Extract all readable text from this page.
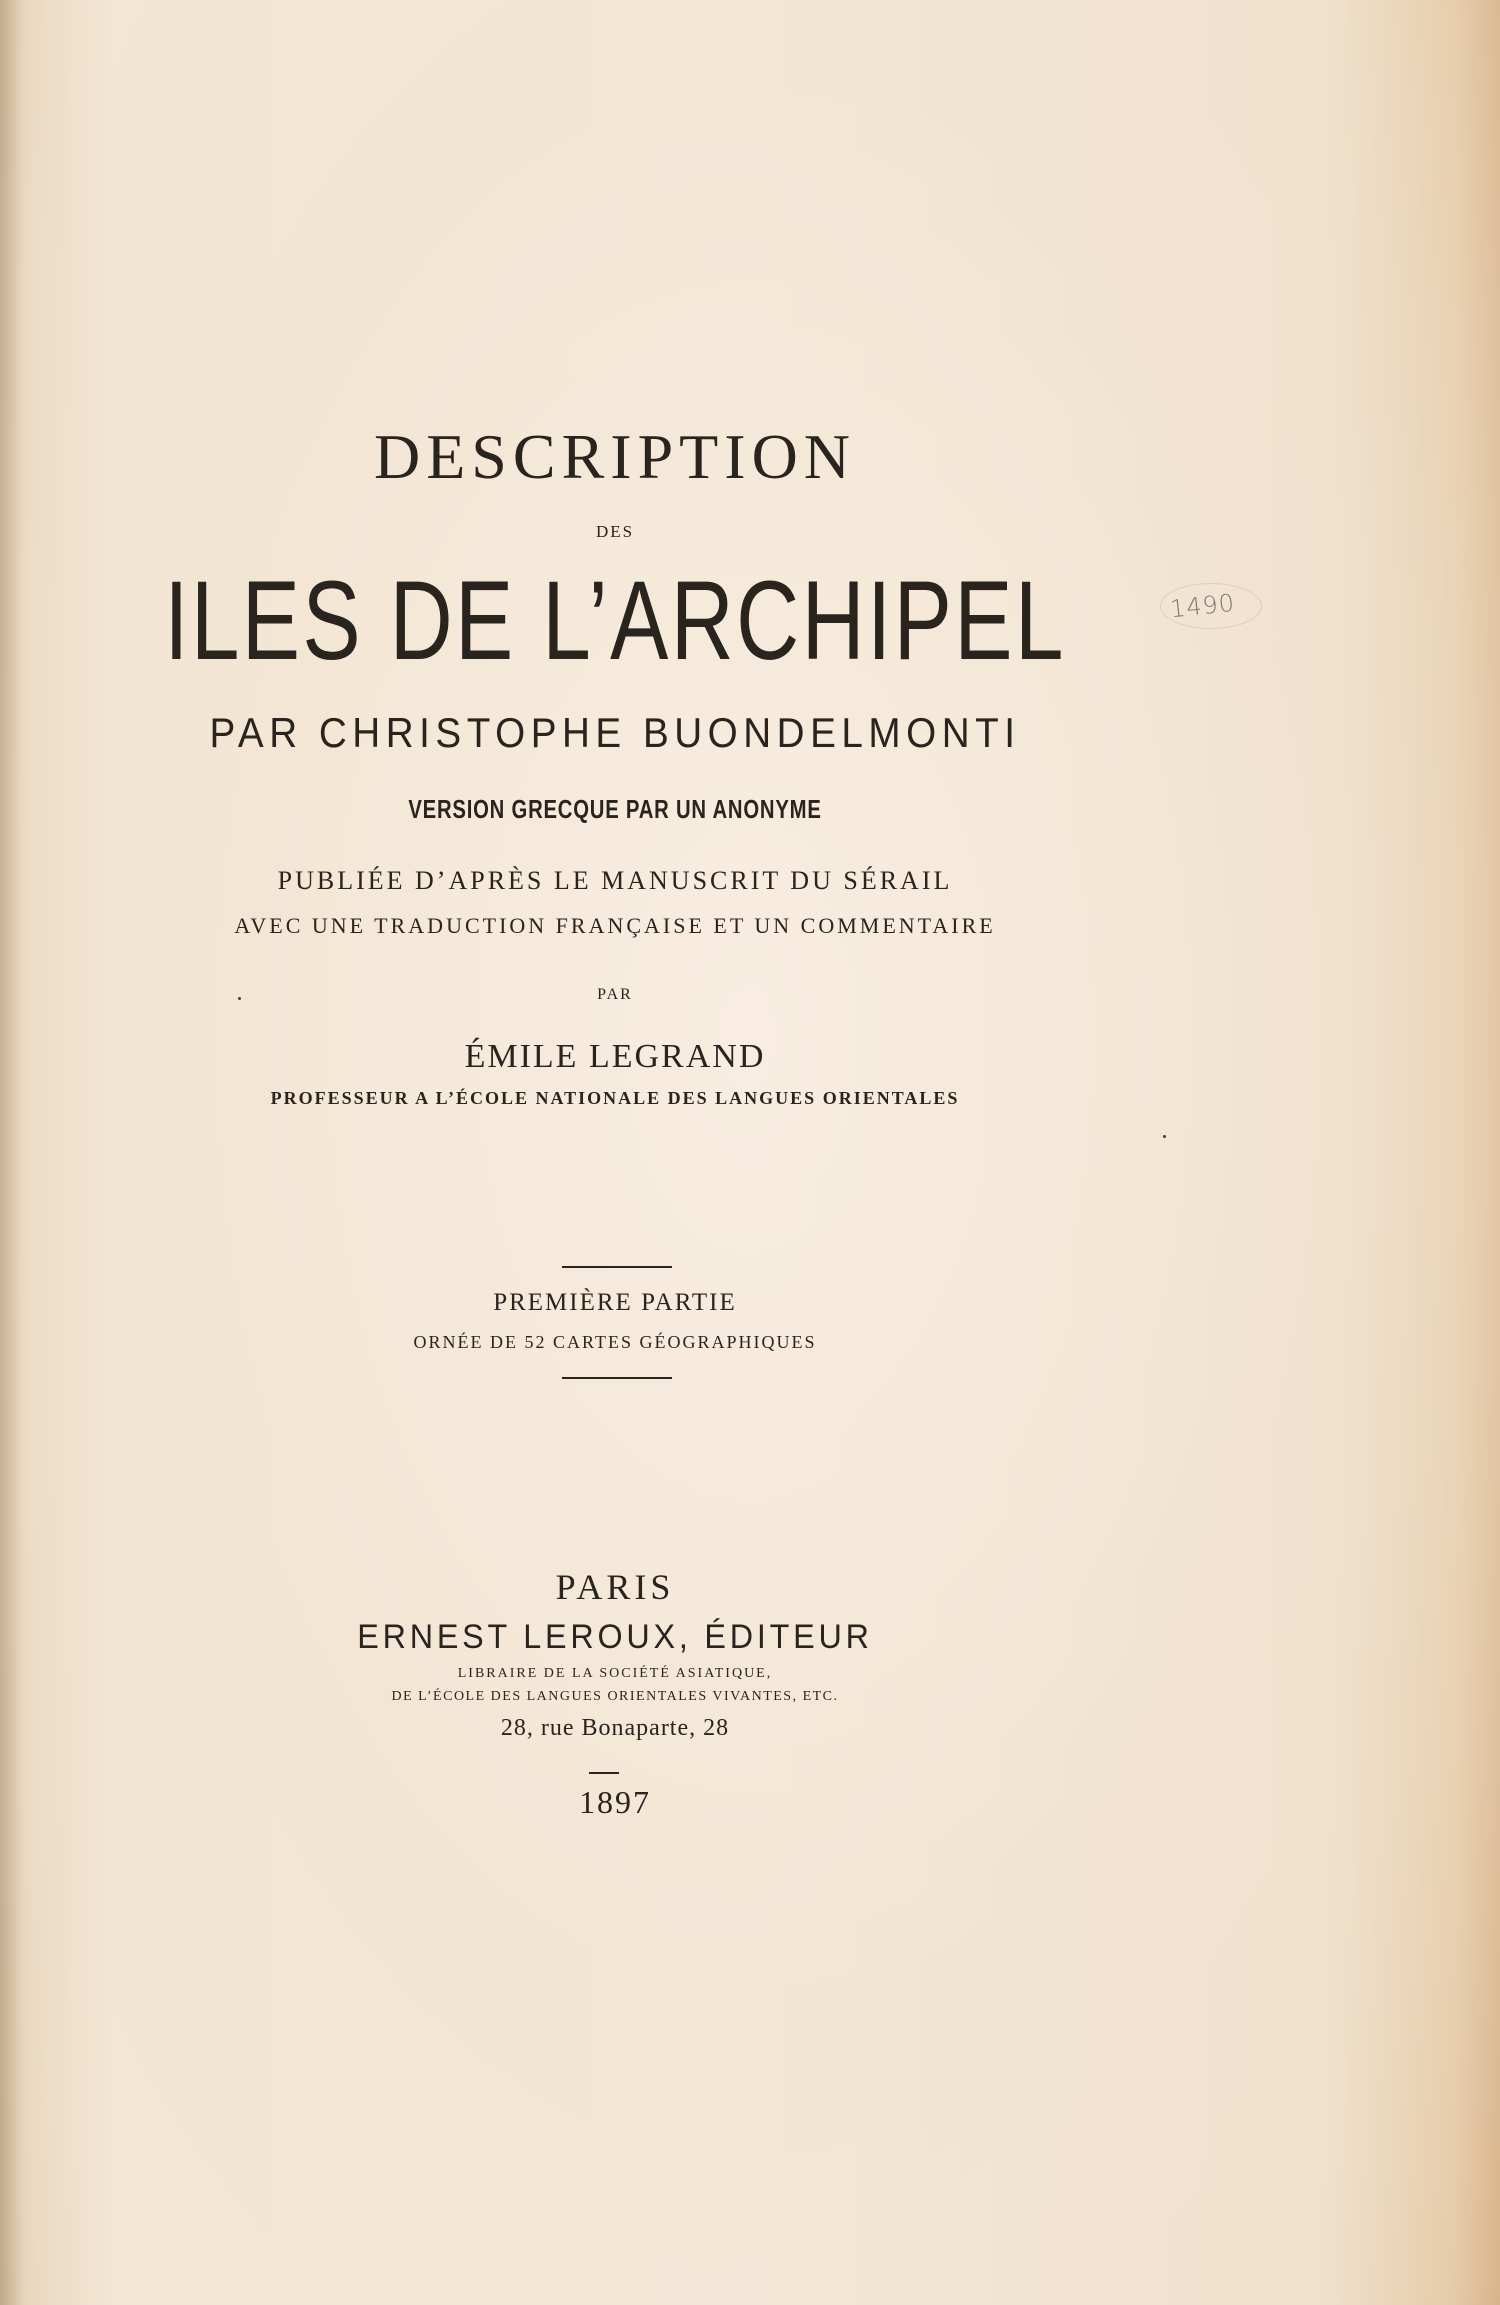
DESCRIPTION
DES
ILES DE L’ARCHIPEL
PAR CHRISTOPHE BUONDELMONTI
VERSION GRECQUE PAR UN ANONYME
PUBLIÉE D’APRÈS LE MANUSCRIT DU SÉRAIL
AVEC UNE TRADUCTION FRANÇAISE ET UN COMMENTAIRE
PAR
ÉMILE LEGRAND
PROFESSEUR A L’ÉCOLE NATIONALE DES LANGUES ORIENTALES
PREMIÈRE PARTIE
ORNÉE DE 52 CARTES GÉOGRAPHIQUES
PARIS
ERNEST LEROUX, ÉDITEUR
LIBRAIRE DE LA SOCIÉTÉ ASIATIQUE,
DE L’ÉCOLE DES LANGUES ORIENTALES VIVANTES, ETC.
28, rue Bonaparte, 28
1897
1490
